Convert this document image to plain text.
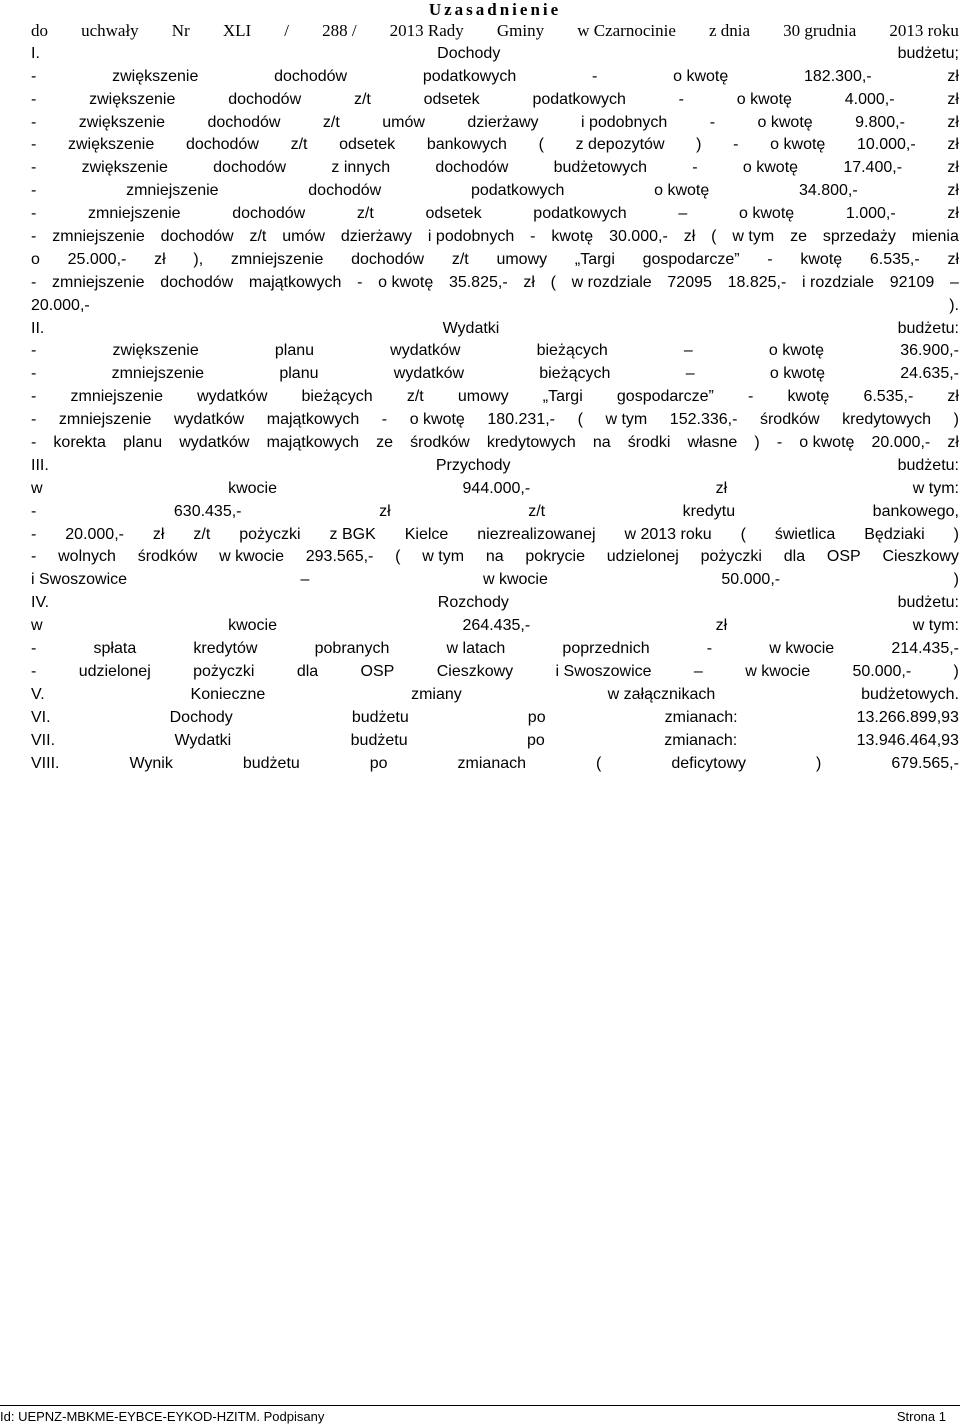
Uzasadnienie
do uchwały Nr XLI / 288 / 2013 Rady Gminy w Czarnocinie z dnia 30 grudnia 2013 roku
I.	Dochody	budżetu;
-	zwiększenie	dochodów	podatkowych	-	o kwotę	182.300,-	zł
-	zwiększenie	dochodów	z/t	odsetek	podatkowych	-	o kwotę	4.000,-	zł
-	zwiększenie	dochodów	z/t	umów	dzierżawy	i podobnych	-	o kwotę	9.800,-	zł
- zwiększenie dochodów z/t odsetek bankowych ( z depozytów ) - o kwotę 10.000,- zł
-	zwiększenie	dochodów	z innych	dochodów	budżetowych	-	o kwotę	17.400,-	zł
-	zmniejszenie	dochodów	podatkowych	o kwotę	34.800,-	zł
-	zmniejszenie	dochodów	z/t	odsetek	podatkowych	–	o kwotę	1.000,-	zł
- zmniejszenie dochodów z/t umów dzierżawy i podobnych - kwotę 30.000,- zł ( w tym ze sprzedaży mienia
o 25.000,- zł ), zmniejszenie dochodów z/t umowy „Targi gospodarcze” - kwotę 6.535,- zł
- zmniejszenie dochodów majątkowych - o kwotę 35.825,- zł ( w rozdziale 72095 18.825,- i rozdziale 92109 –
20.000,-	).
II.	Wydatki	budżetu:
-	zwiększenie	planu	wydatków	bieżących	–	o kwotę	36.900,-
-	zmniejszenie	planu	wydatków	bieżących	–	o kwotę	24.635,-
- zmniejszenie wydatków bieżących z/t umowy „Targi gospodarcze” - kwotę 6.535,- zł
- zmniejszenie wydatków majątkowych - o kwotę 180.231,- ( w tym 152.336,- środków kredytowych )
- korekta planu wydatków majątkowych ze środków kredytowych na środki własne ) - o kwotę 20.000,- zł
III.	Przychody	budżetu:
w	kwocie	944.000,-	zł	w tym:
-	630.435,-	zł	z/t	kredytu	bankowego,
- 20.000,- zł z/t pożyczki z BGK Kielce niezrealizowanej w 2013 roku ( świetlica Będziaki )
- wolnych środków w kwocie 293.565,- ( w tym na pokrycie udzielonej pożyczki dla OSP Cieszkowy
i Swoszowice	–	w kwocie	50.000,-	)
IV.	Rozchody	budżetu:
w	kwocie	264.435,-	zł	w tym:
-	spłata	kredytów	pobranych	w latach	poprzednich	-	w kwocie	214.435,-
-	udzielonej	pożyczki	dla	OSP	Cieszkowy	i Swoszowice	–	w kwocie	50.000,-	)
V.	Konieczne	zmiany	w załącznikach	budżetowych.
VI.	Dochody	budżetu	po	zmianach:	13.266.899,93
VII.	Wydatki	budżetu	po	zmianach:	13.946.464,93
VIII.	Wynik	budżetu	po	zmianach	(	deficytowy	)	679.565,-
Id: UEPNZ-MBKME-EYBCE-EYKOD-HZITM. Podpisany	Strona 1
